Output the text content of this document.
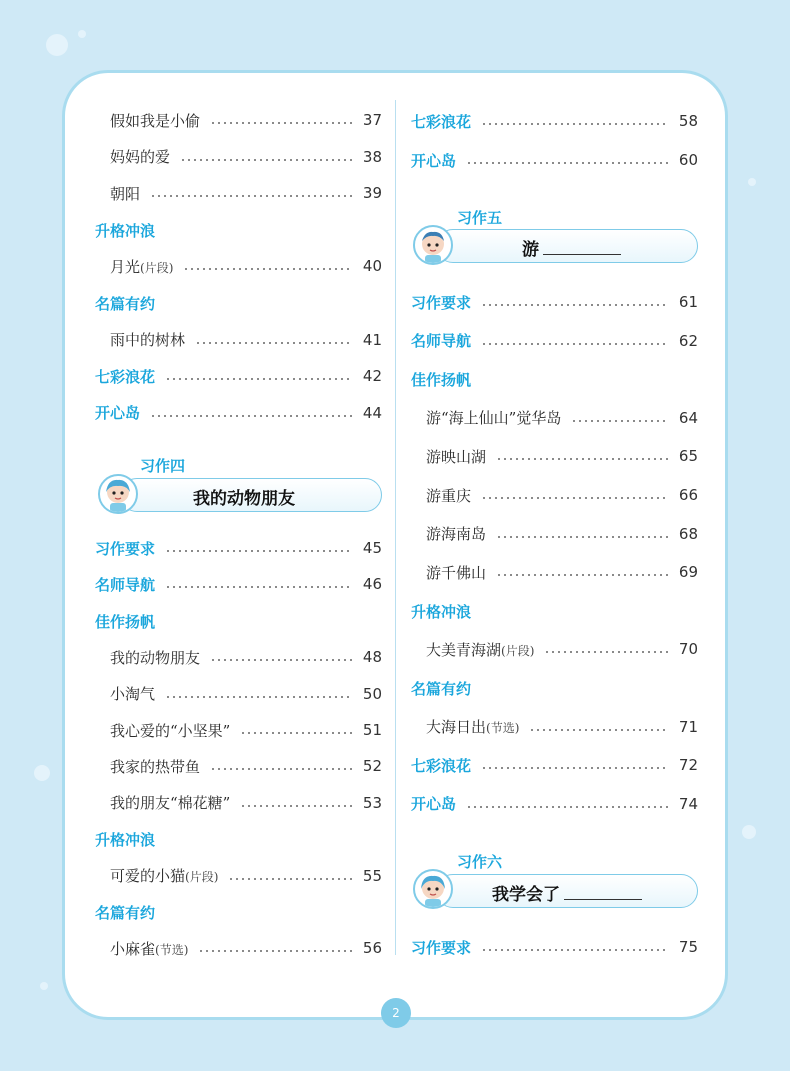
假如我是小偷	37
妈妈的爱	38
朝阳	39
升格冲浪
月光(片段)	40
名篇有约
雨中的树林	41
七彩浪花	42
开心岛	44
习作四
我的动物朋友
习作要求	45
名师导航	46
佳作扬帆
我的动物朋友	48
小淘气	50
我心爱的“小坚果”	51
我家的热带鱼	52
我的朋友“棉花糖”	53
升格冲浪
可爱的小猫(片段)	55
名篇有约
小麻雀(节选)	56
七彩浪花	58
开心岛	60
习作五
游
习作要求	61
名师导航	62
佳作扬帆
游“海上仙山”觉华岛	64
游映山湖	65
游重庆	66
游海南岛	68
游千佛山	69
升格冲浪
大美青海湖(片段)	70
名篇有约
大海日出(节选)	71
七彩浪花	72
开心岛	74
习作六
我学会了
习作要求	75
2
